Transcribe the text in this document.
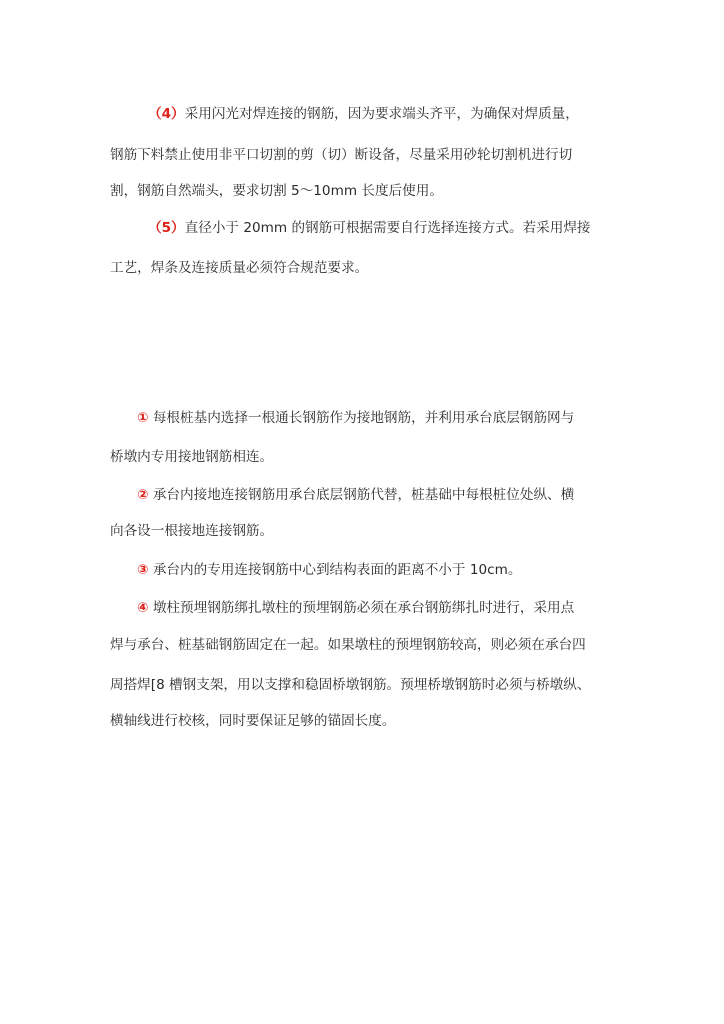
（4）采用闪光对焊连接的钢筋，因为要求端头齐平，为确保对焊质量，
钢筋下料禁止使用非平口切割的剪（切）断设备，尽量采用砂轮切割机进行切
割，钢筋自然端头，要求切割 5～10mm 长度后使用。
（5）直径小于 20mm 的钢筋可根据需要自行选择连接方式。若采用焊接
工艺，焊条及连接质量必须符合规范要求。
① 每根桩基内选择一根通长钢筋作为接地钢筋，并利用承台底层钢筋网与
桥墩内专用接地钢筋相连。
② 承台内接地连接钢筋用承台底层钢筋代替，桩基础中每根桩位处纵、横
向各设一根接地连接钢筋。
③ 承台内的专用连接钢筋中心到结构表面的距离不小于 10cm。
④ 墩柱预埋钢筋绑扎墩柱的预埋钢筋必须在承台钢筋绑扎时进行，采用点
焊与承台、桩基础钢筋固定在一起。如果墩柱的预埋钢筋较高，则必须在承台四
周搭焊[8 槽钢支架，用以支撑和稳固桥墩钢筋。预埋桥墩钢筋时必须与桥墩纵、
横轴线进行校核，同时要保证足够的锚固长度。
